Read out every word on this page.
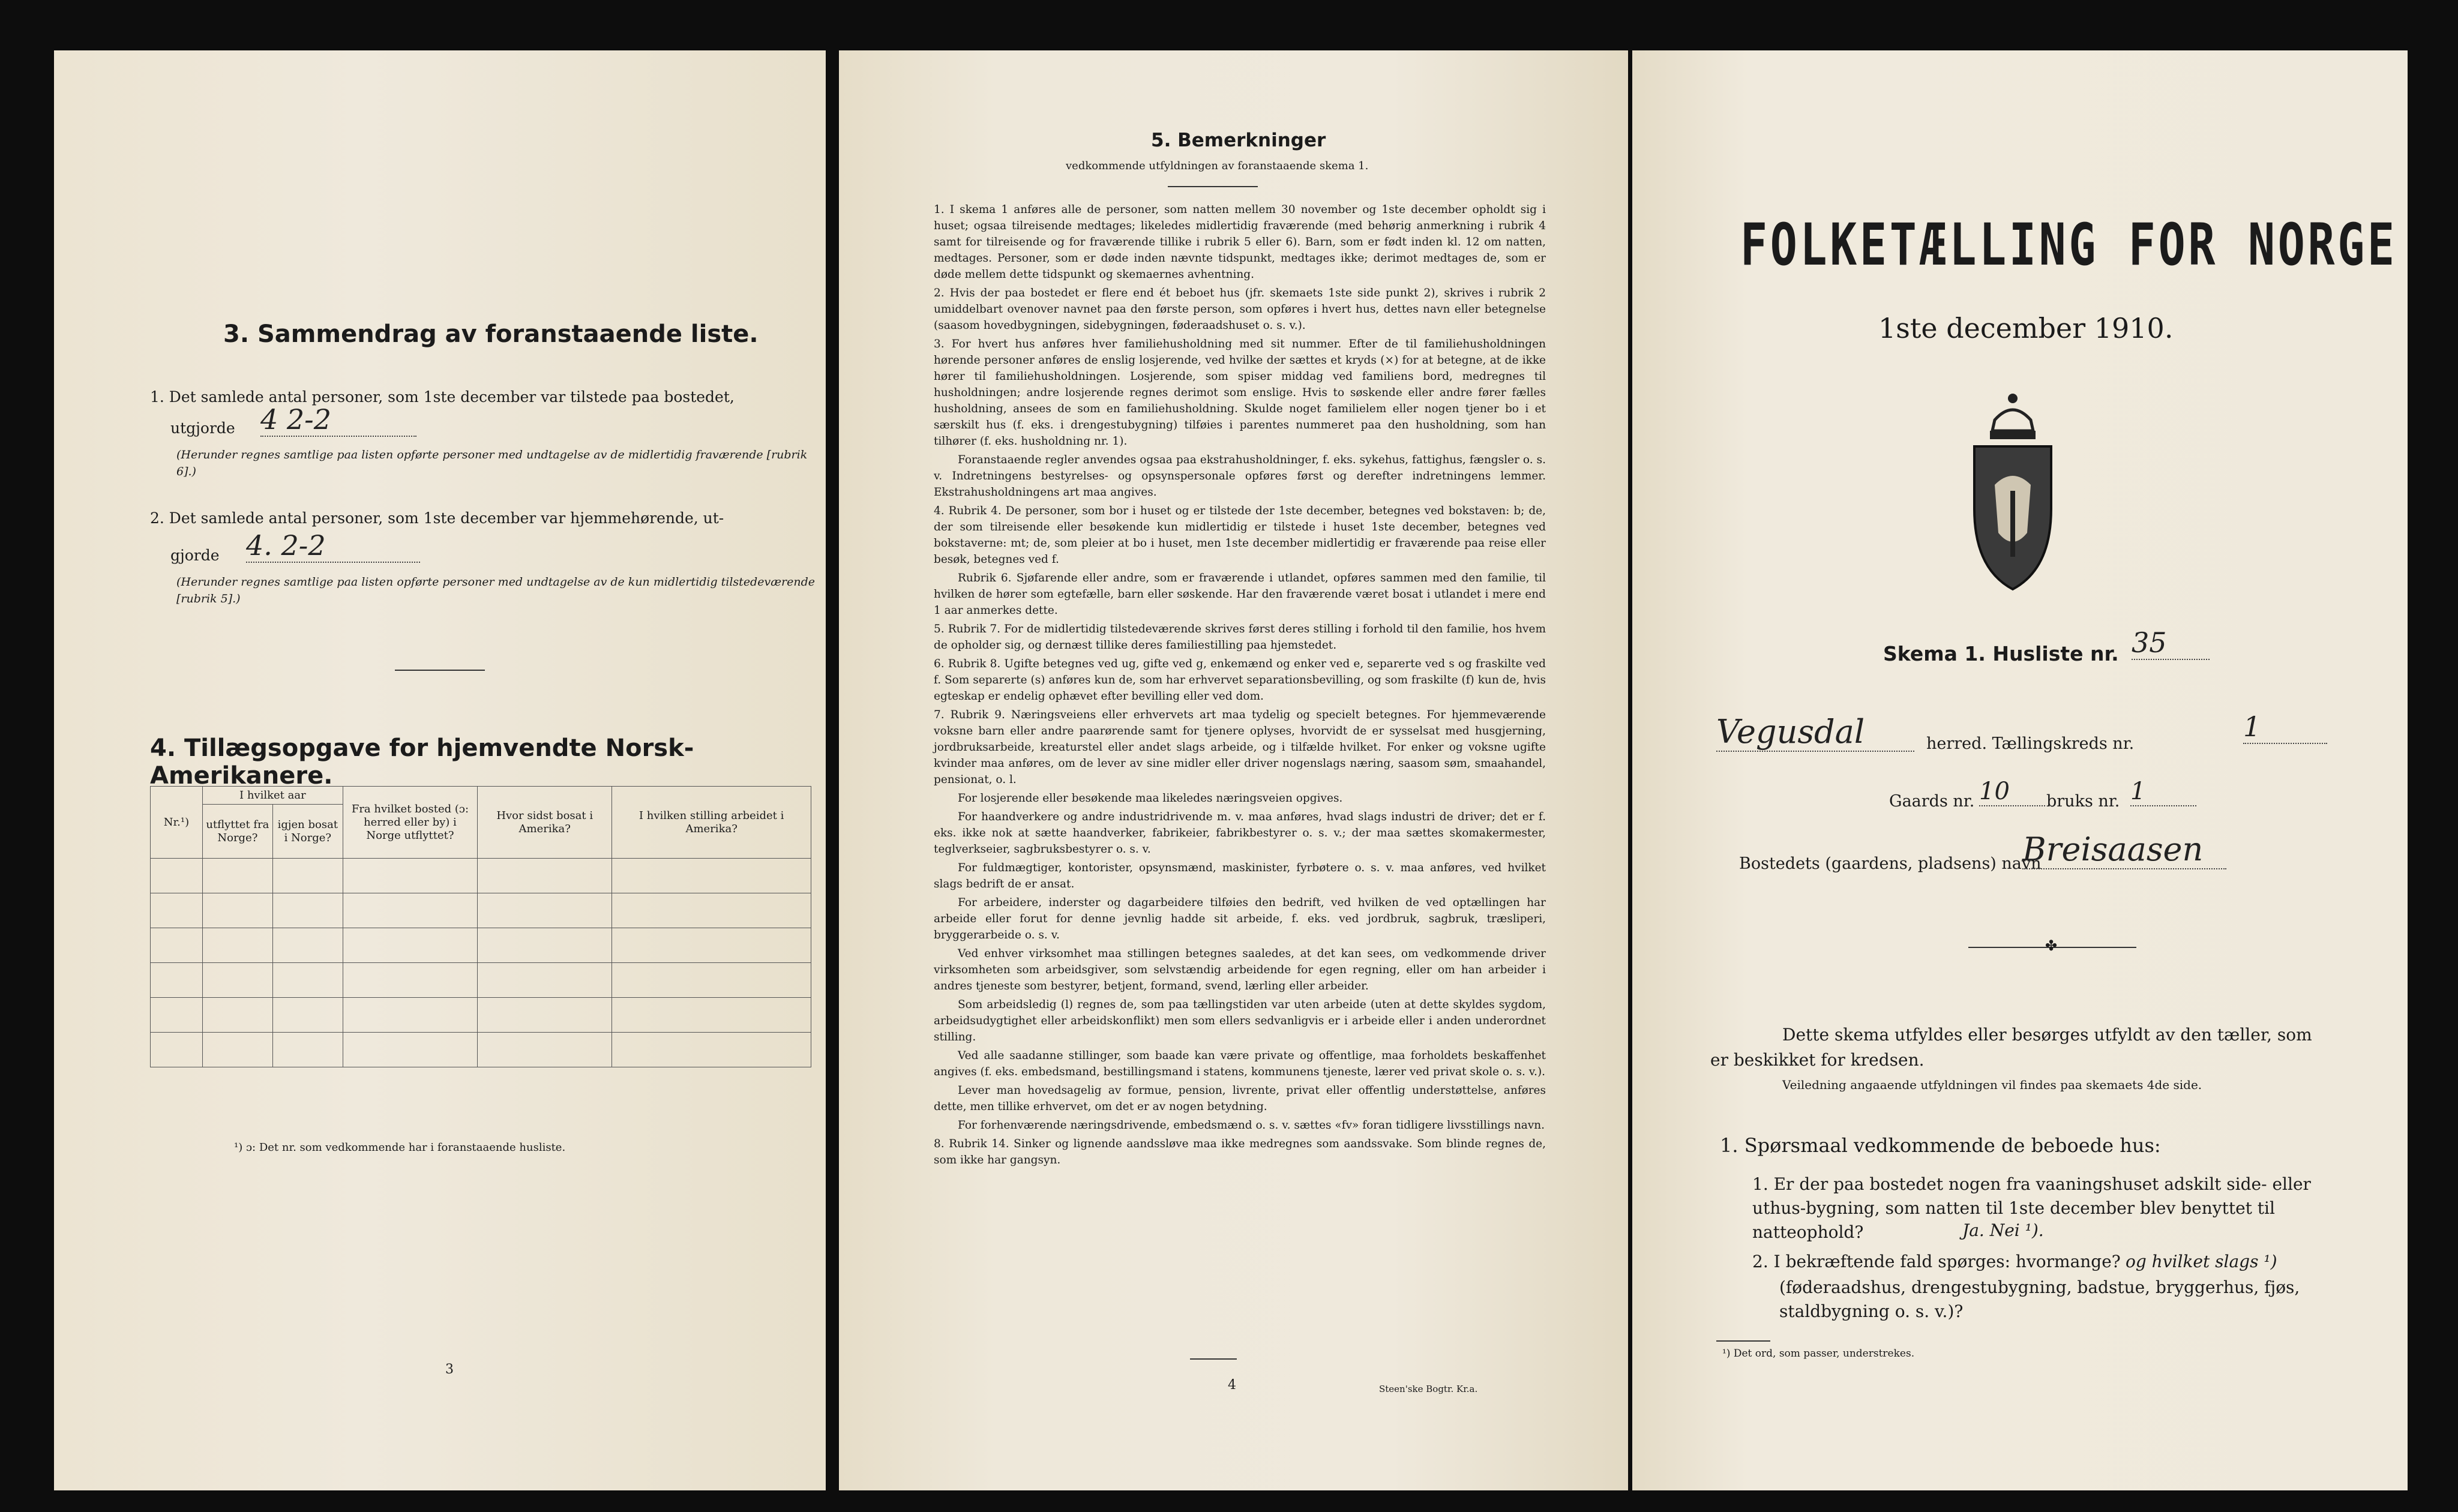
3. Sammendrag av foranstaaende liste.
1. Det samlede antal personer, som 1ste december var tilstede paa bostedet,
utgjorde 4 2-2
(Herunder regnes samtlige paa listen opførte personer med undtagelse av de midlertidig fraværende [rubrik 6].)
2. Det samlede antal personer, som 1ste december var hjemmehørende, ut-
gjorde 4. 2-2
(Herunder regnes samtlige paa listen opførte personer med undtagelse av de kun midlertidig tilstedeværende [rubrik 5].)
4. Tillægsopgave for hjemvendte Norsk-Amerikanere.
Nr.¹)	I hvilket aar		Fra hvilket bosted (ɔ: herred eller by) i Norge utflyttet?	Hvor sidst bosat i Amerika?	I hvilken stilling arbeidet i Amerika?
	utflyttet fra Norge?	igjen bosat i Norge?			

¹) ɔ: Det nr. som vedkommende har i foranstaaende husliste.
3
5. Bemerkninger
vedkommende utfyldningen av foranstaaende skema 1.

1. I skema 1 anføres alle de personer, som natten mellem 30 november og 1ste december opholdt sig i huset; ogsaa tilreisende medtages; likeledes midlertidig fraværende (med behørig anmerkning i rubrik 4 samt for tilreisende og for fraværende tillike i rubrik 5 eller 6). Barn, som er født inden kl. 12 om natten, medtages. Personer, som er døde inden nævnte tidspunkt, medtages ikke; derimot medtages de, som er døde mellem dette tidspunkt og skemaernes avhentning.

2. Hvis der paa bostedet er flere end ét beboet hus (jfr. skemaets 1ste side punkt 2), skrives i rubrik 2 umiddelbart ovenover navnet paa den første person, som opføres i hvert hus, dettes navn eller betegnelse (saasom hovedbygningen, sidebygningen, føderaadshuset o. s. v.).

3. For hvert hus anføres hver familiehusholdning med sit nummer. Efter de til familiehusholdningen hørende personer anføres de enslig losjerende, ved hvilke der sættes et kryds (×) for at betegne, at de ikke hører til familiehusholdningen. Losjerende, som spiser middag ved familiens bord, medregnes til husholdningen; andre losjerende regnes derimot som enslige. Hvis to søskende eller andre fører fælles husholdning, ansees de som en familiehusholdning. Skulde noget familielem eller nogen tjener bo i et særskilt hus (f. eks. i drengestubygning) tilføies i parentes nummeret paa den husholdning, som han tilhører (f. eks. husholdning nr. 1).

Foranstaaende regler anvendes ogsaa paa ekstrahusholdninger, f. eks. sykehus, fattighus, fængsler o. s. v. Indretningens bestyrelses- og opsynspersonale opføres først og derefter indretningens lemmer. Ekstrahusholdningens art maa angives.

4. Rubrik 4. De personer, som bor i huset og er tilstede der 1ste december, betegnes ved bokstaven: b; de, der som tilreisende eller besøkende kun midlertidig er tilstede i huset 1ste december, betegnes ved bokstaverne: mt; de, som pleier at bo i huset, men 1ste december midlertidig er fraværende paa reise eller besøk, betegnes ved f.

Rubrik 6. Sjøfarende eller andre, som er fraværende i utlandet, opføres sammen med den familie, til hvilken de hører som egtefælle, barn eller søskende. Har den fraværende været bosat i utlandet i mere end 1 aar anmerkes dette.

5. Rubrik 7. For de midlertidig tilstedeværende skrives først deres stilling i forhold til den familie, hos hvem de opholder sig, og dernæst tillike deres familiestilling paa hjemstedet.

6. Rubrik 8. Ugifte betegnes ved ug, gifte ved g, enkemænd og enker ved e, separerte ved s og fraskilte ved f. Som separerte (s) anføres kun de, som har erhvervet separationsbevilling, og som fraskilte (f) kun de, hvis egteskap er endelig ophævet efter bevilling eller ved dom.

7. Rubrik 9. Næringsveiens eller erhvervets art maa tydelig og specielt betegnes. For hjemmeværende voksne barn eller andre paarørende samt for tjenere oplyses, hvorvidt de er sysselsat med husgjerning, jordbruksarbeide, kreaturstel eller andet slags arbeide, og i tilfælde hvilket. For enker og voksne ugifte kvinder maa anføres, om de lever av sine midler eller driver nogenslags næring, saasom søm, smaahandel, pensionat, o. l.

For losjerende eller besøkende maa likeledes næringsveien opgives.

For haandverkere og andre industridrivende m. v. maa anføres, hvad slags industri de driver; det er f. eks. ikke nok at sætte haandverker, fabrikeier, fabrikbestyrer o. s. v.; der maa sættes skomakermester, teglverkseier, sagbruksbestyrer o. s. v.

For fuldmægtiger, kontorister, opsynsmænd, maskinister, fyrbøtere o. s. v. maa anføres, ved hvilket slags bedrift de er ansat.

For arbeidere, inderster og dagarbeidere tilføies den bedrift, ved hvilken de ved optællingen har arbeide eller forut for denne jevnlig hadde sit arbeide, f. eks. ved jordbruk, sagbruk, træsliperi, bryggerarbeide o. s. v.

Ved enhver virksomhet maa stillingen betegnes saaledes, at det kan sees, om vedkommende driver virksomheten som arbeidsgiver, som selvstændig arbeidende for egen regning, eller om han arbeider i andres tjeneste som bestyrer, betjent, formand, svend, lærling eller arbeider.

Som arbeidsledig (l) regnes de, som paa tællingstiden var uten arbeide (uten at dette skyldes sygdom, arbeidsudygtighet eller arbeidskonflikt) men som ellers sedvanligvis er i arbeide eller i anden underordnet stilling.

Ved alle saadanne stillinger, som baade kan være private og offentlige, maa forholdets beskaffenhet angives (f. eks. embedsmand, bestillingsmand i statens, kommunens tjeneste, lærer ved privat skole o. s. v.).

Lever man hovedsagelig av formue, pension, livrente, privat eller offentlig understøttelse, anføres dette, men tillike erhvervet, om det er av nogen betydning.

For forhenværende næringsdrivende, embedsmænd o. s. v. sættes «fv» foran tidligere livsstillings navn.

8. Rubrik 14. Sinker og lignende aandssløve maa ikke medregnes som aandssvake. Som blinde regnes de, som ikke har gangsyn.

4	Steen'ske Bogtr. Kr.a.
FOLKETÆLLING FOR NORGE
1ste december 1910.
Skema 1. Husliste nr. 35
Vegusdal	herred. Tællingskreds nr.
1
Gaards nr. 10	bruks nr. 1
Bostedets (gaardens, pladsens) navn
Breisaasen
✤
Dette skema utfyldes eller besørges utfyldt av den tæller, som er beskikket for kredsen.
Veiledning angaaende utfyldningen vil findes paa skemaets 4de side.
1. Spørsmaal vedkommende de beboede hus:
1. Er der paa bostedet nogen fra vaaningshuset adskilt side- eller uthus-bygning, som natten til 1ste december blev benyttet til natteophold?	Ja. Nei ¹).
2. I bekræftende fald spørges: hvormange? og hvilket slags ¹)
(føderaadshus, drengestubygning, badstue, bryggerhus, fjøs, staldbygning o. s. v.)?
¹) Det ord, som passer, understrekes.
